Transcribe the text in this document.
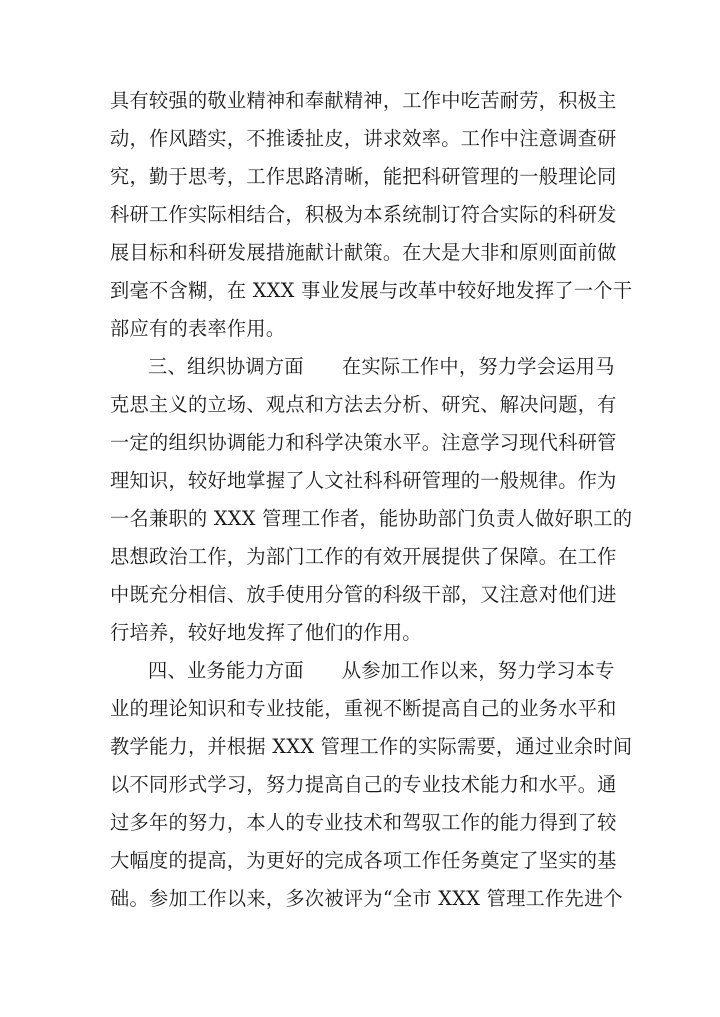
具有较强的敬业精神和奉献精神，工作中吃苦耐劳，积极主
动，作风踏实，不推诿扯皮，讲求效率。工作中注意调查研
究，勤于思考，工作思路清晰，能把科研管理的一般理论同
科研工作实际相结合，积极为本系统制订符合实际的科研发
展目标和科研发展措施献计献策。在大是大非和原则面前做
到毫不含糊，在 XXX 事业发展与改革中较好地发挥了一个干
部应有的表率作用。
三、组织协调方面 在实际工作中，努力学会运用马
克思主义的立场、观点和方法去分析、研究、解决问题，有
一定的组织协调能力和科学决策水平。注意学习现代科研管
理知识，较好地掌握了人文社科科研管理的一般规律。作为
一名兼职的 XXX 管理工作者，能协助部门负责人做好职工的
思想政治工作，为部门工作的有效开展提供了保障。在工作
中既充分相信、放手使用分管的科级干部，又注意对他们进
行培养，较好地发挥了他们的作用。
四、业务能力方面 从参加工作以来，努力学习本专
业的理论知识和专业技能，重视不断提高自己的业务水平和
教学能力，并根据 XXX 管理工作的实际需要，通过业余时间
以不同形式学习，努力提高自己的专业技术能力和水平。通
过多年的努力，本人的专业技术和驾驭工作的能力得到了较
大幅度的提高，为更好的完成各项工作任务奠定了坚实的基
础。参加工作以来，多次被评为“全市 XXX 管理工作先进个
